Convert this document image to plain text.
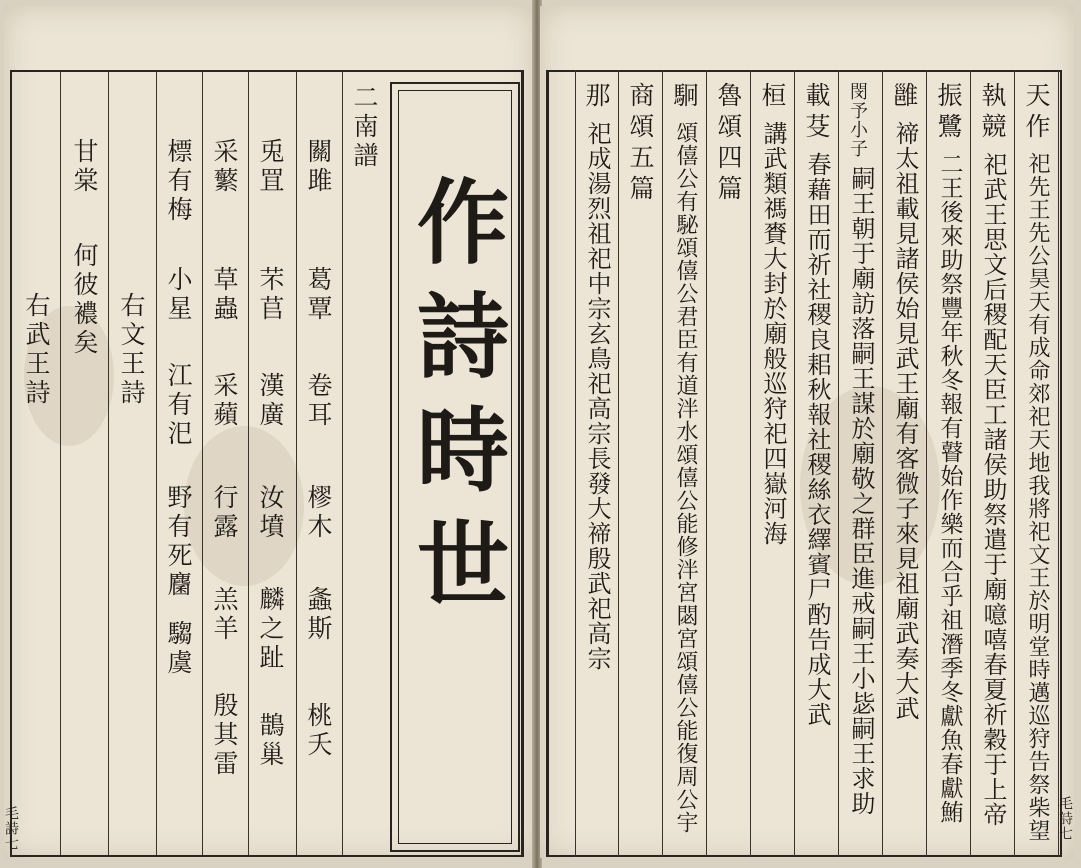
右武王詩
甘棠
何彼襛矣 右文王詩
標有梅
小星
江有汜
野有死麕
騶虞
采蘩
草蟲
采蘋
行露
羔羊
殷其雷
兎罝
芣苢
漢廣
汝墳
麟之趾
鵲巢
關雎
葛覃
卷耳
樛木
螽斯
桃夭
二南譜
作詩時世
毛詩七
天作
祀先王先公昊天有成命郊祀天地我將祀文王於明堂時邁巡狩告祭柴望
執競
祀武王思文后稷配天臣工諸侯助祭遣于廟噫嘻春夏祈穀于上帝
振鷺
二王後來助祭豐年秋冬報有瞽始作樂而合乎祖潛季冬獻魚春獻鮪
雝
禘太祖載見諸侯始見武王廟有客微子來見祖廟武奏大武
閔予小子
嗣王朝于廟訪落嗣王謀於廟敬之群臣進戒嗣王小毖嗣王求助
載芟
春藉田而祈社稷良耜秋報社稷絲衣繹賓尸酌告成大武
桓
講武類禡賚大封於廟般巡狩祀四嶽河海
魯頌四篇
駉
頌僖公有駜頌僖公君臣有道泮水頌僖公能修泮宮閟宮頌僖公能復周公宇
商頌五篇
那
祀成湯烈祖祀中宗玄鳥祀高宗長發大禘殷武祀高宗
毛詩七
